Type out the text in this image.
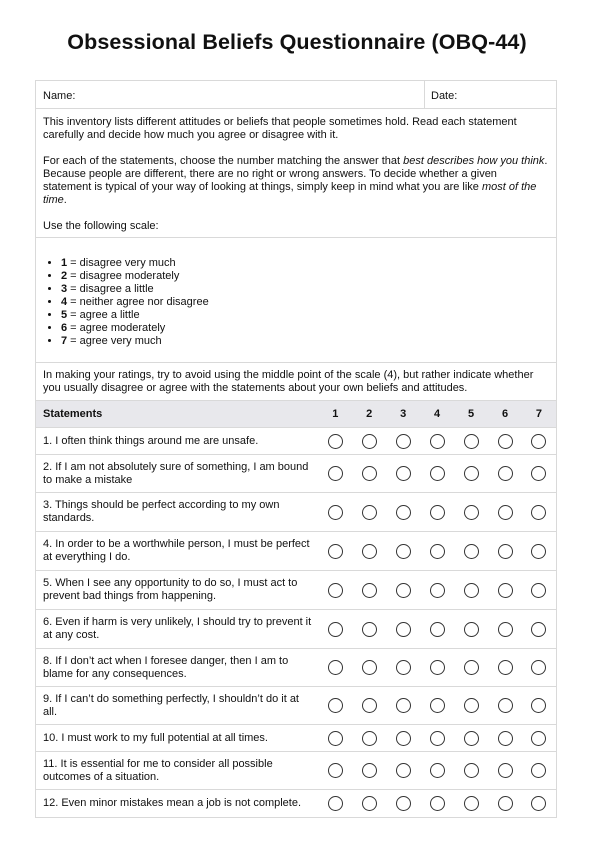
Obsessional Beliefs Questionnaire (OBQ-44)
Name:	Date:

This inventory lists different attitudes or beliefs that people sometimes hold. Read each statement carefully and decide how much you agree or disagree with it.

For each of the statements, choose the number matching the answer that best describes how you think. Because people are different, there are no right or wrong answers. To decide whether a given statement is typical of your way of looking at things, simply keep in mind what you are like most of the time.

Use the following scale:

• 1 = disagree very much
• 2 = disagree moderately
• 3 = disagree a little
• 4 = neither agree nor disagree
• 5 = agree a little
• 6 = agree moderately
• 7 = agree very much
In making your ratings, try to avoid using the middle point of the scale (4), but rather indicate whether you usually disagree or agree with the statements about your own beliefs and attitudes.
Statements	1	2	3	4	5	6	7
1. I often think things around me are unsafe.
2. If I am not absolutely sure of something, I am bound to make a mistake
3. Things should be perfect according to my own standards.
4. In order to be a worthwhile person, I must be perfect at everything I do.
5. When I see any opportunity to do so, I must act to prevent bad things from happening.
6. Even if harm is very unlikely, I should try to prevent it at any cost.
8. If I don’t act when I foresee danger, then I am to blame for any consequences.
9. If I can’t do something perfectly, I shouldn’t do it at all.
10. I must work to my full potential at all times.
11. It is essential for me to consider all possible outcomes of a situation.
12. Even minor mistakes mean a job is not complete.
